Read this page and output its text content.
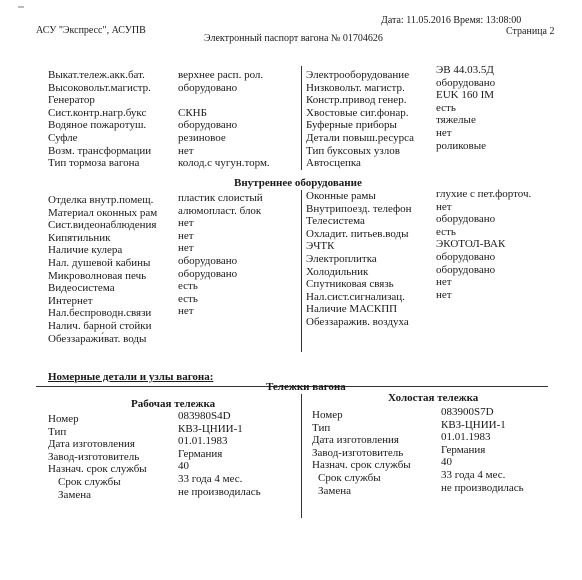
Дата: 11.05.2016 Время: 13:08:00
Страница 2
АСУ "Экспресс", АСУПВ
Электронный паспорт вагона № 01704626
Выкат.тележ.акк.бат.
Высоковольт.магистр.
Генератор
Сист.контр.нагр.букс
Водяное пожаротуш.
Суфле
Возм. трансформации
Тип тормоза вагона
верхнее расп. рол.
оборудовано
СКНБ
оборудовано
резиновое
нет
колод.с чугун.торм.
Электрооборудование
Низковольт. магистр.
Констр.привод генер.
Хвостовые сиг.фонар.
Буферные приборы
Детали повыш.ресурса
Тип буксовых узлов
Автосцепка
ЭВ 44.03.5Д
оборудовано
EUK 160 IM
есть
тяжелые
нет
роликовые
Внутреннее оборудование
Отделка внутр.помещ.
Материал оконных рам
Сист.видеонаблюдения
Кипятильник
Наличие кулера
Нал. душевой кабины
Микроволновая печь
Видеосистема
Интернет
Нал.беспроводн.связи
Налич. барной стойки
Обеззаражи́ват. воды
пластик слоистый
алюмопласт. блок
нет
нет
нет
оборудовано
оборудовано
есть
есть
нет
Оконные рамы
Внутрипоезд. телефон
Телесистема
Охладит. питьев.воды
ЭЧТК
Электроплитка
Холодильник
Спутниковая связь
Нал.сист.сигнализац.
Наличие МАСКПП
Обеззаражив. воздуха
глухие с пет.форточ.
нет
оборудовано
есть
ЭКОТОЛ-ВАК
оборудовано
оборудовано
нет
нет
Номерные детали и узлы вагона:
Тележки вагона
Рабочая тележка
Номер
Тип
Дата изготовления
Завод-изготовитель
Назнач. срок службы
Срок службы
Замена
083980S4D
КВЗ-ЦНИИ-1
01.01.1983
Германия
40
33 года 4 мес.
не производилась
Холостая тележка
Номер
Тип
Дата изготовления
Завод-изготовитель
Назнач. срок службы
Срок службы
Замена
083900S7D
КВЗ-ЦНИИ-1
01.01.1983
Германия
40
33 года 4 мес.
не производилась
